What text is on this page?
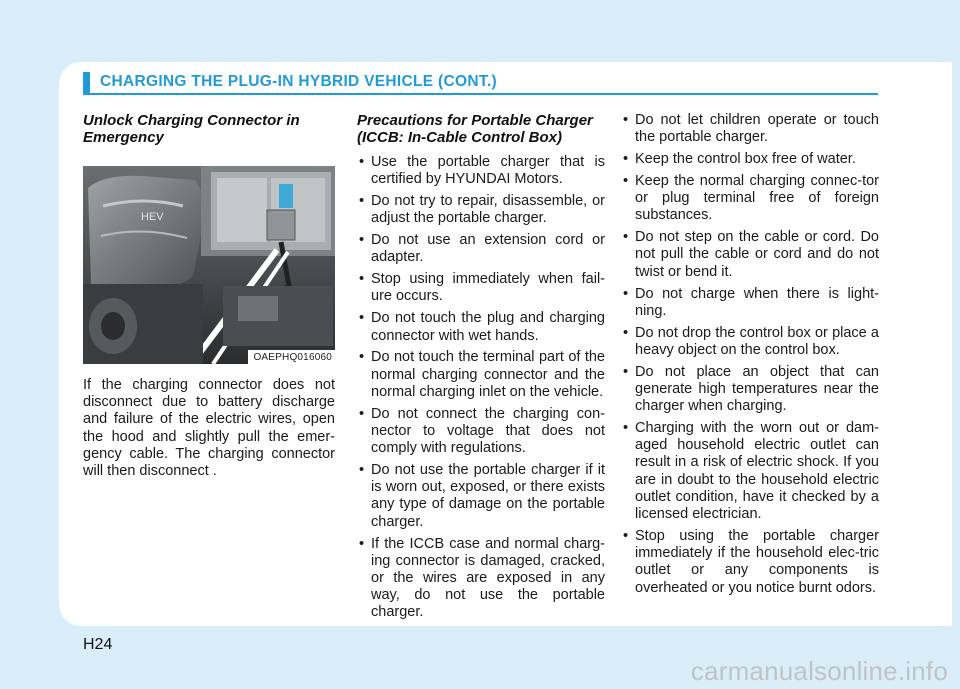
CHARGING THE PLUG-IN HYBRID VEHICLE (CONT.)
Unlock Charging Connector in Emergency
HEV
OAEPHQ016060

If the charging connector does not disconnect due to battery discharge and failure of the electric wires, open the hood and slightly pull the emer-gency cable. The charging connector will then disconnect .

Precautions for Portable Charger (ICCB: In-Cable Control Box)
• Use the portable charger that is certified by HYUNDAI Motors.
• Do not try to repair, disassemble, or adjust the portable charger.
• Do not use an extension cord or adapter.
• Stop using immediately when fail-ure occurs.
• Do not touch the plug and charging connector with wet hands.
• Do not touch the terminal part of the normal charging connector and the normal charging inlet on the vehicle.
• Do not connect the charging con-nector to voltage that does not comply with regulations.
• Do not use the portable charger if it is worn out, exposed, or there exists any type of damage on the portable charger.
• If the ICCB case and normal charg-ing connector is damaged, cracked, or the wires are exposed in any way, do not use the portable charger.
• Do not let children operate or touch the portable charger.
• Keep the control box free of water.
• Keep the normal charging connec-tor or plug terminal free of foreign substances.
• Do not step on the cable or cord. Do not pull the cable or cord and do not twist or bend it.
• Do not charge when there is light-ning.
• Do not drop the control box or place a heavy object on the control box.
• Do not place an object that can generate high temperatures near the charger when charging.
• Charging with the worn out or dam-aged household electric outlet can result in a risk of electric shock. If you are in doubt to the household electric outlet condition, have it checked by a licensed electrician.
• Stop using the portable charger immediately if the household elec-tric outlet or any components is overheated or you notice burnt odors.
H24
carmanualsonline.info
